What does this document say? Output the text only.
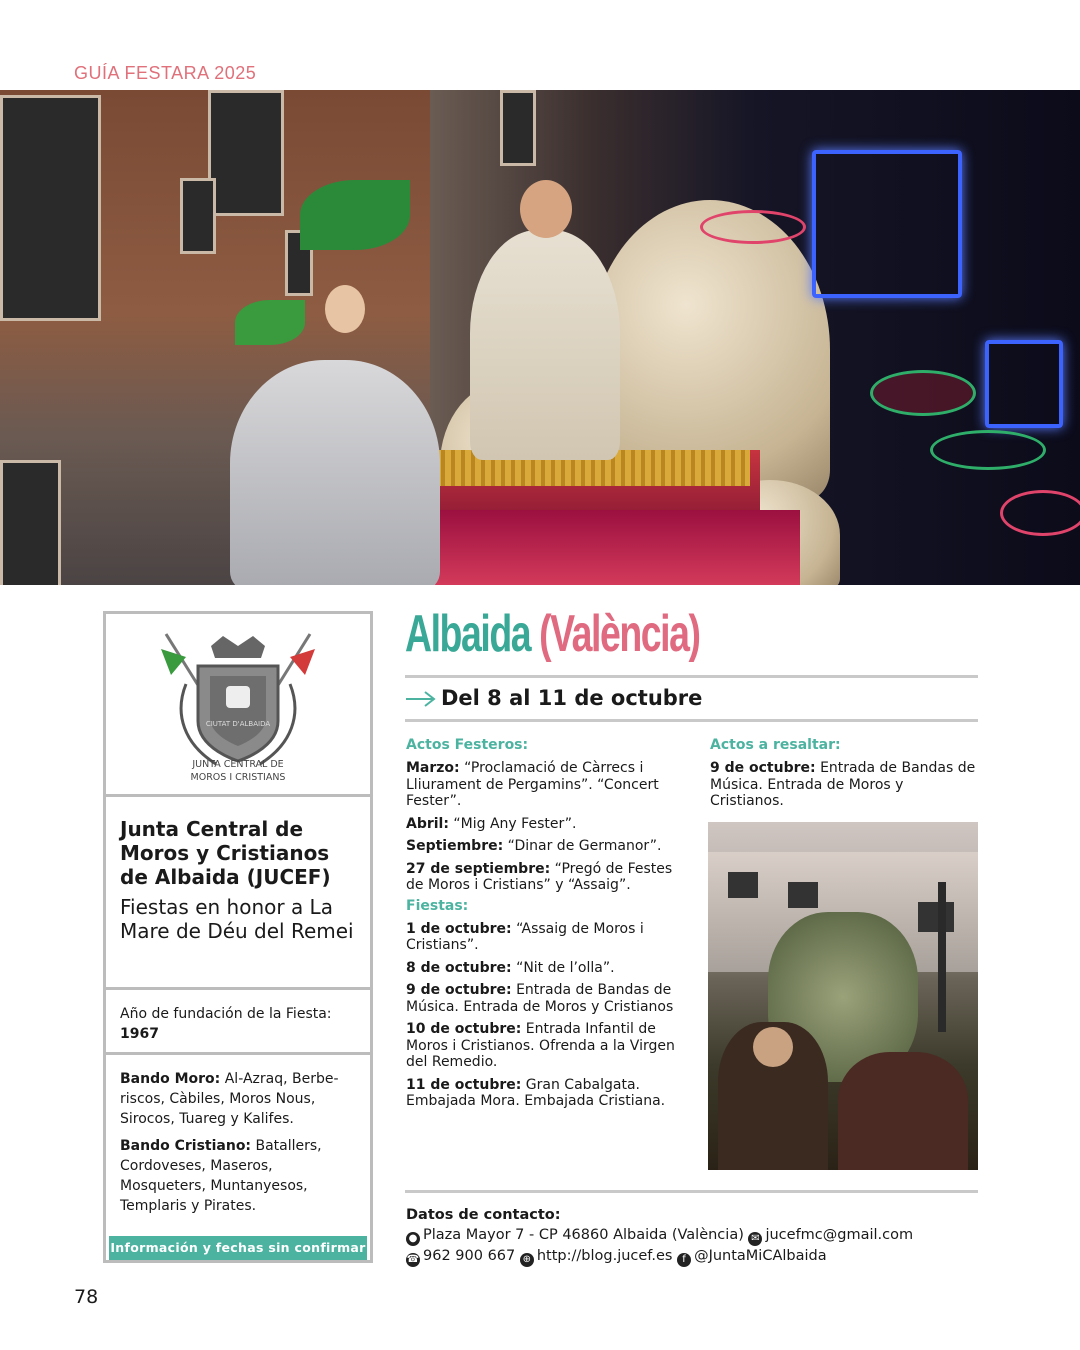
GUÍA FESTARA 2025
CIUTAT D'ALBAIDA
JUNTA CENTRAL DE
MOROS I CRISTIANS
Junta Central de Moros y Cristianos de Albaida (JUCEF)
Fiestas en honor a La Mare de Déu del Remei
Año de fundación de la Fiesta: 1967
Bando Moro: Al-Azraq, Berbe-riscos, Càbiles, Moros Nous, Sirocos, Tuareg y Kalifes.
Bando Cristiano: Batallers, Cordoveses, Maseros, Mosqueters, Muntanyesos, Templaris y Pirates.
Información y fechas sin confirmar
Albaida (València)
Del 8 al 11 de octubre
Actos Festeros:

Marzo: “Proclamació de Càrrecs i Lliurament de Pergamins”. “Concert Fester”.

Abril: “Mig Any Fester”.

Septiembre: “Dinar de Germanor”.

27 de septiembre: “Pregó de Festes de Moros i Cristians” y “Assaig”.

Fiestas:

1 de octubre: “Assaig de Moros i Cristians”.

8 de octubre: “Nit de l’olla”.

9 de octubre: Entrada de Bandas de Música. Entrada de Moros y Cristianos

10 de octubre: Entrada Infantil de Moros i Cristianos. Ofrenda a la Virgen del Remedio.

11 de octubre: Gran Cabalgata. Embajada Mora. Embajada Cristiana.

Actos a resaltar:

9 de octubre: Entrada de Bandas de Música. Entrada de Moros y Cristianos.

Datos de contacto:
● Plaza Mayor 7 - CP 46860 Albaida (València) ✉ jucefmc@gmail.com
☎ 962 900 667 ⊕ http://blog.jucef.es f @JuntaMiCAlbaida
78
